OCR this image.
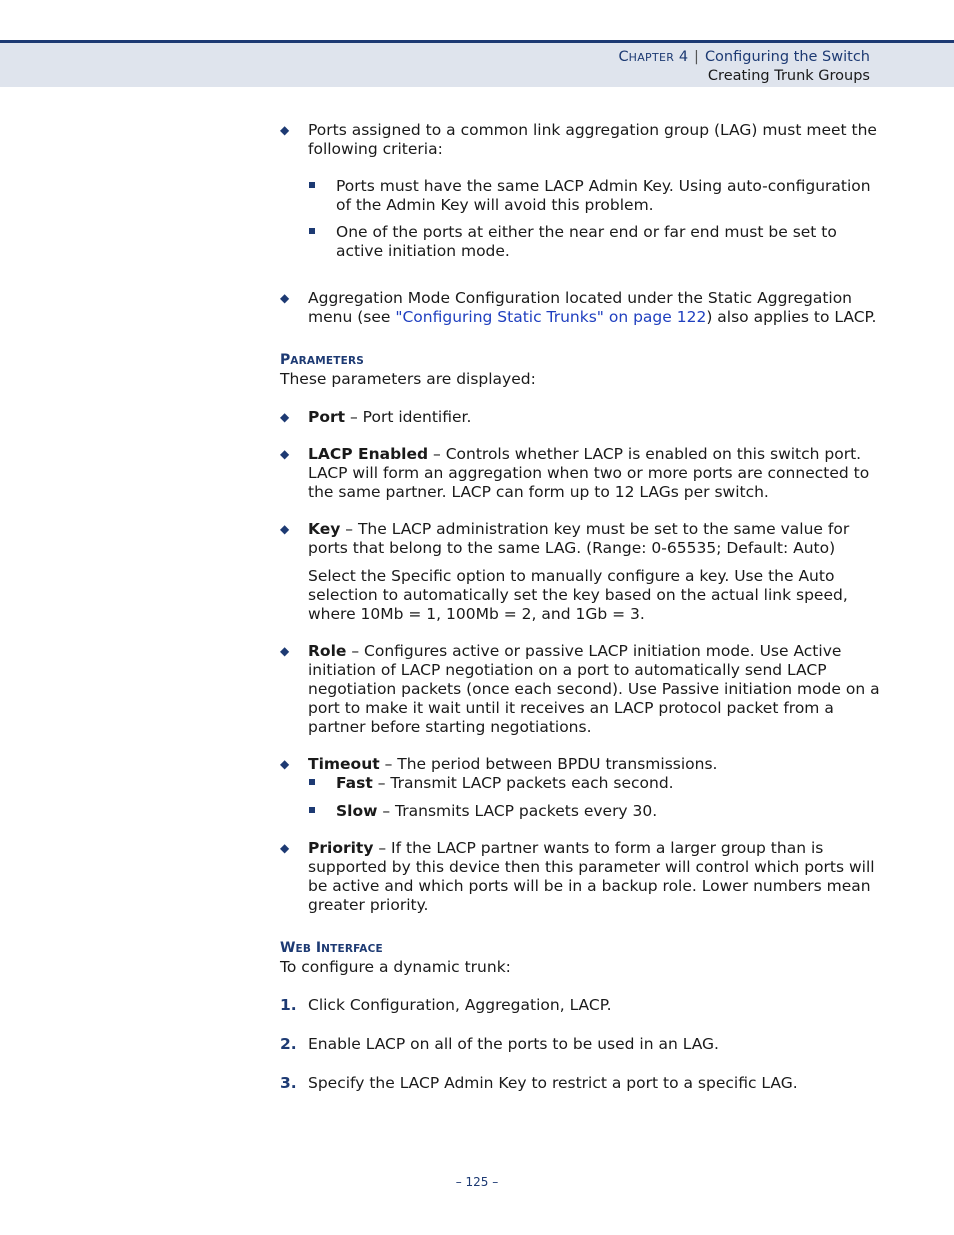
CHAPTER 4 | Configuring the Switch
Creating Trunk Groups
◆ Ports assigned to a common link aggregation group (LAG) must meet the following criteria:
Ports must have the same LACP Admin Key. Using auto-configuration of the Admin Key will avoid this problem.
One of the ports at either the near end or far end must be set to active initiation mode.
◆ Aggregation Mode Configuration located under the Static Aggregation menu (see "Configuring Static Trunks" on page 122) also applies to LACP.
PARAMETERS
These parameters are displayed:
◆ Port – Port identifier.
◆ LACP Enabled – Controls whether LACP is enabled on this switch port. LACP will form an aggregation when two or more ports are connected to the same partner. LACP can form up to 12 LAGs per switch.
◆ Key – The LACP administration key must be set to the same value for ports that belong to the same LAG. (Range: 0-65535; Default: Auto)
Select the Specific option to manually configure a key. Use the Auto selection to automatically set the key based on the actual link speed, where 10Mb = 1, 100Mb = 2, and 1Gb = 3.
◆ Role – Configures active or passive LACP initiation mode. Use Active initiation of LACP negotiation on a port to automatically send LACP negotiation packets (once each second). Use Passive initiation mode on a port to make it wait until it receives an LACP protocol packet from a partner before starting negotiations.
◆ Timeout – The period between BPDU transmissions.
Fast – Transmit LACP packets each second.
Slow – Transmits LACP packets every 30.
◆ Priority – If the LACP partner wants to form a larger group than is supported by this device then this parameter will control which ports will be active and which ports will be in a backup role. Lower numbers mean greater priority.
WEB INTERFACE
To configure a dynamic trunk:
1. Click Configuration, Aggregation, LACP.
2. Enable LACP on all of the ports to be used in an LAG.
3. Specify the LACP Admin Key to restrict a port to a specific LAG.
– 125 –
